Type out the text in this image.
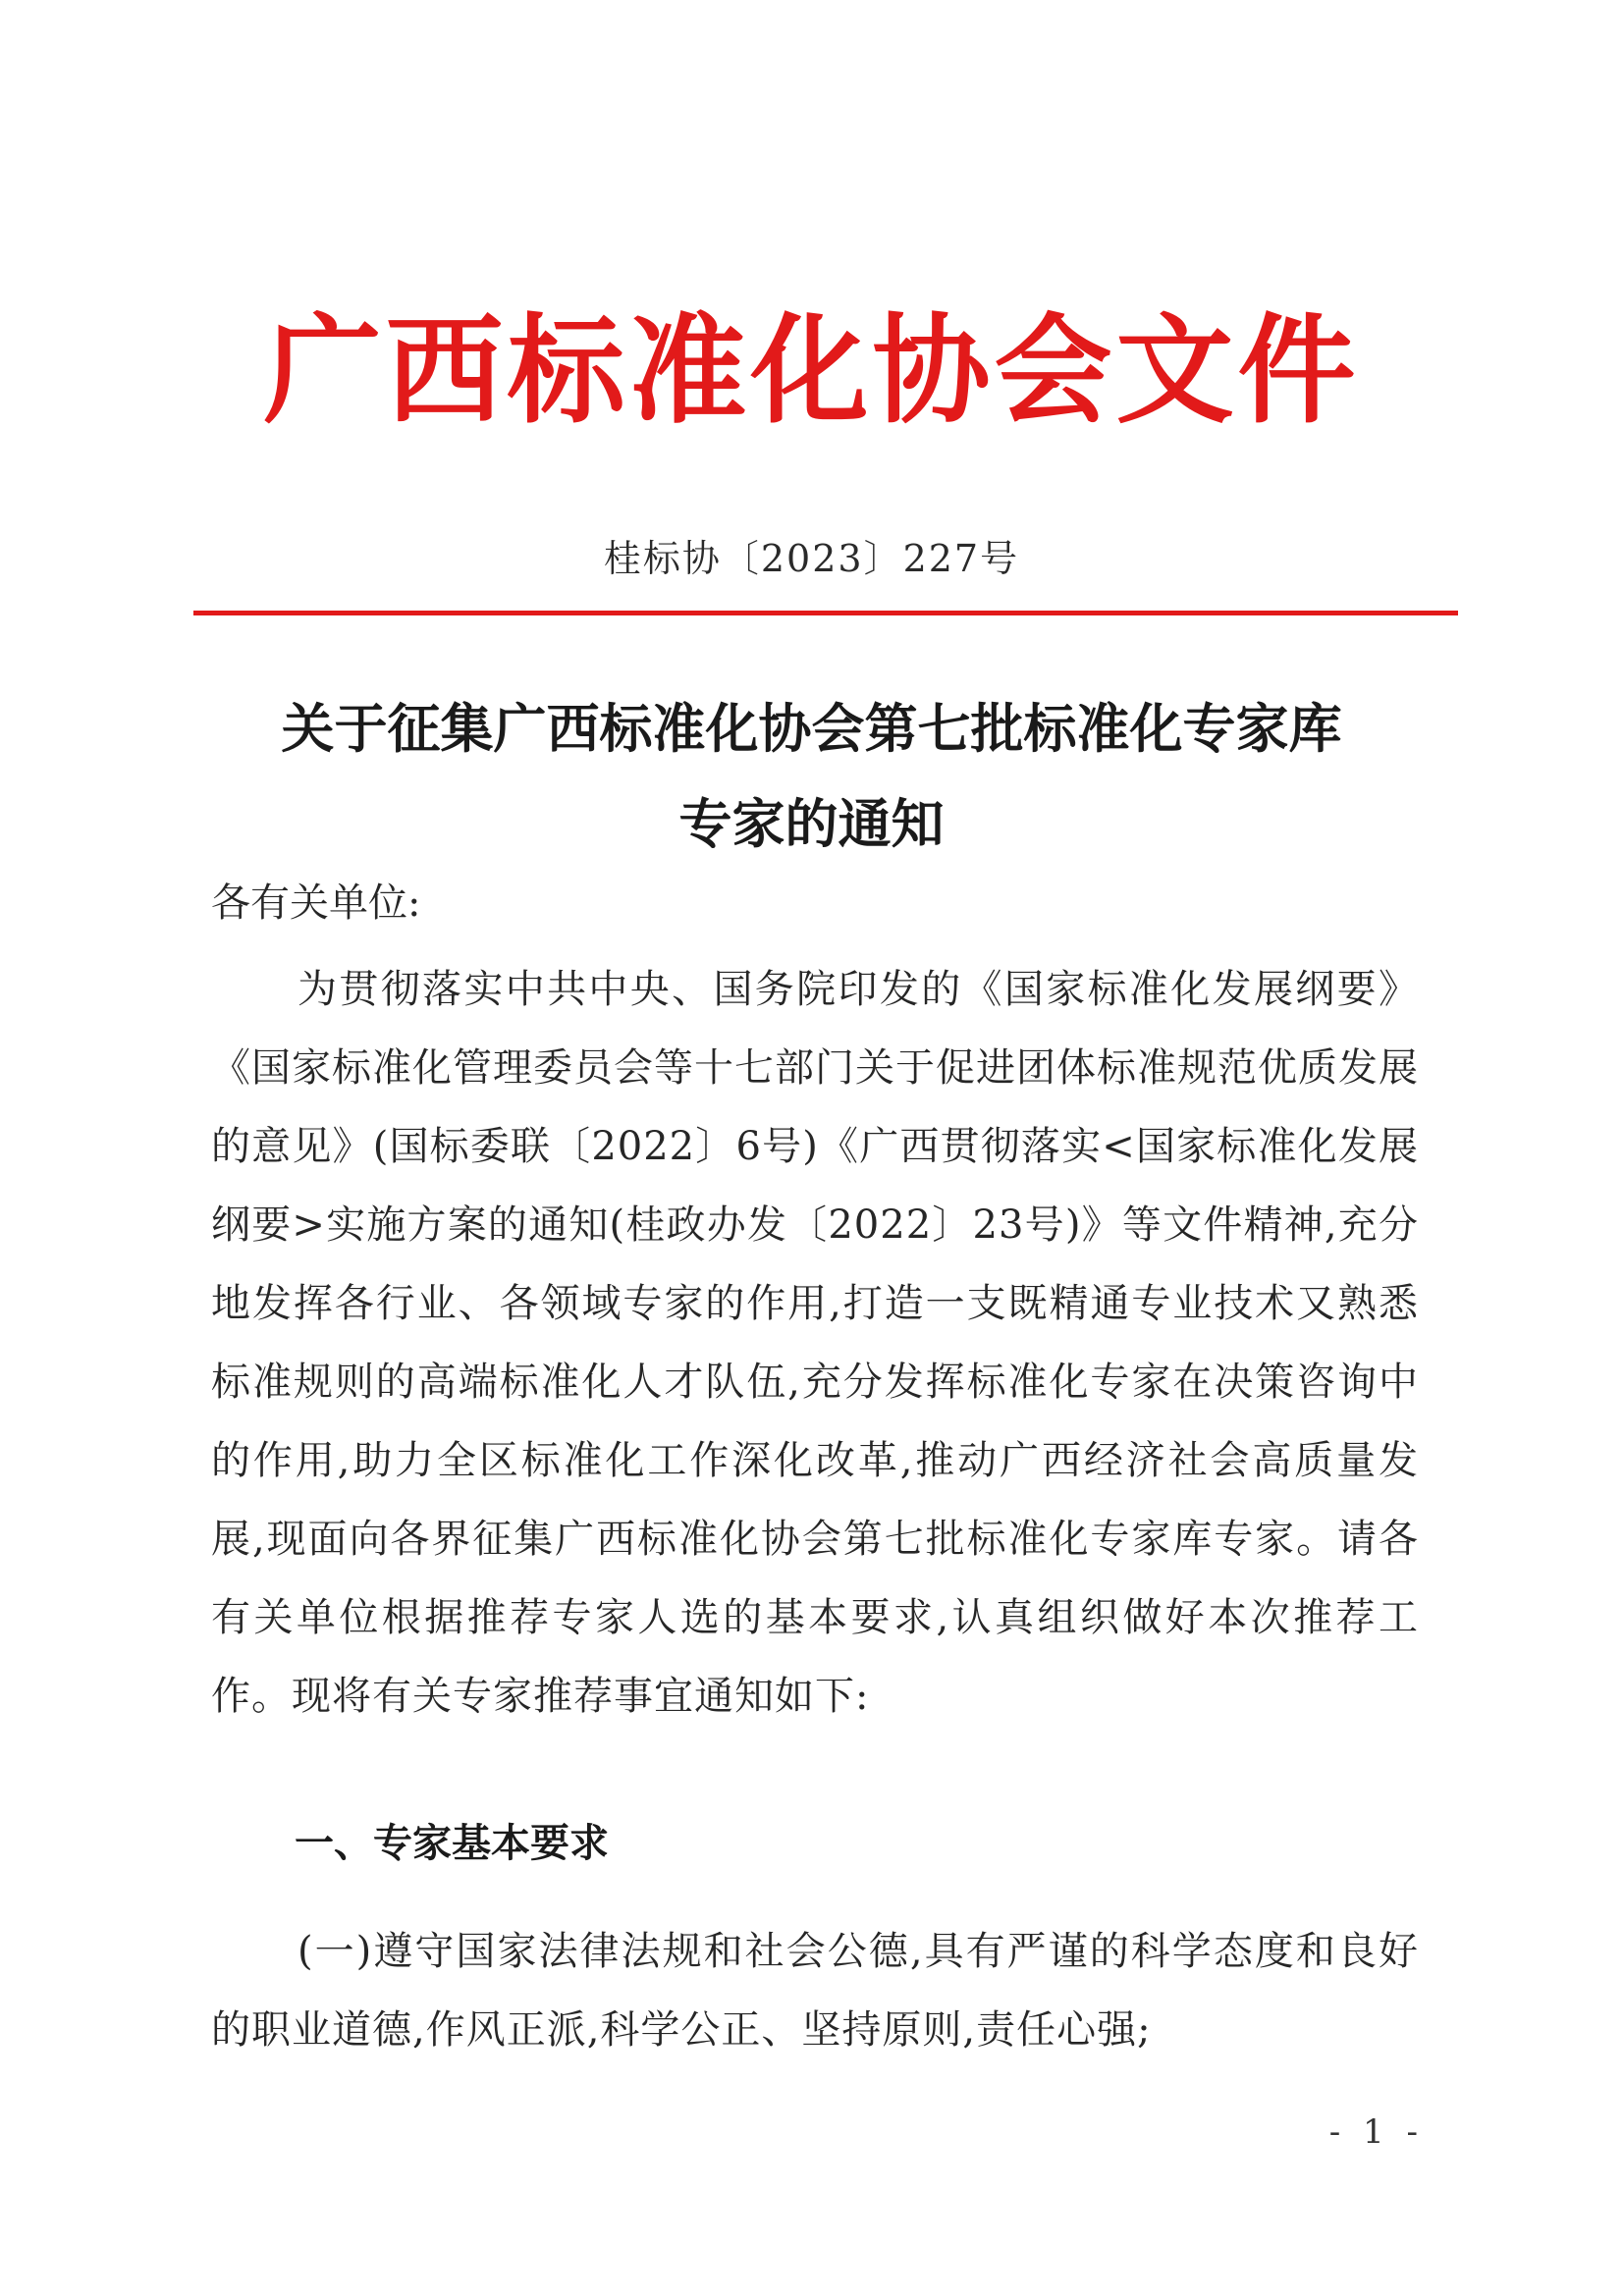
广西标准化协会文件
桂标协〔2023〕227号
关于征集广西标准化协会第七批标准化专家库
专家的通知
各有关单位:
为贯彻落实中共中央、国务院印发的《国家标准化发展纲要》《国家标准化管理委员会等十七部门关于促进团体标准规范优质发展的意见》(国标委联〔2022〕6号)《广西贯彻落实<国家标准化发展纲要>实施方案的通知(桂政办发〔2022〕23号)》等文件精神,充分地发挥各行业、各领域专家的作用,打造一支既精通专业技术又熟悉标准规则的高端标准化人才队伍,充分发挥标准化专家在决策咨询中的作用,助力全区标准化工作深化改革,推动广西经济社会高质量发展,现面向各界征集广西标准化协会第七批标准化专家库专家。请各有关单位根据推荐专家人选的基本要求,认真组织做好本次推荐工作。现将有关专家推荐事宜通知如下:
一、专家基本要求
(一)遵守国家法律法规和社会公德,具有严谨的科学态度和良好的职业道德,作风正派,科学公正、坚持原则,责任心强;
- 1 -
